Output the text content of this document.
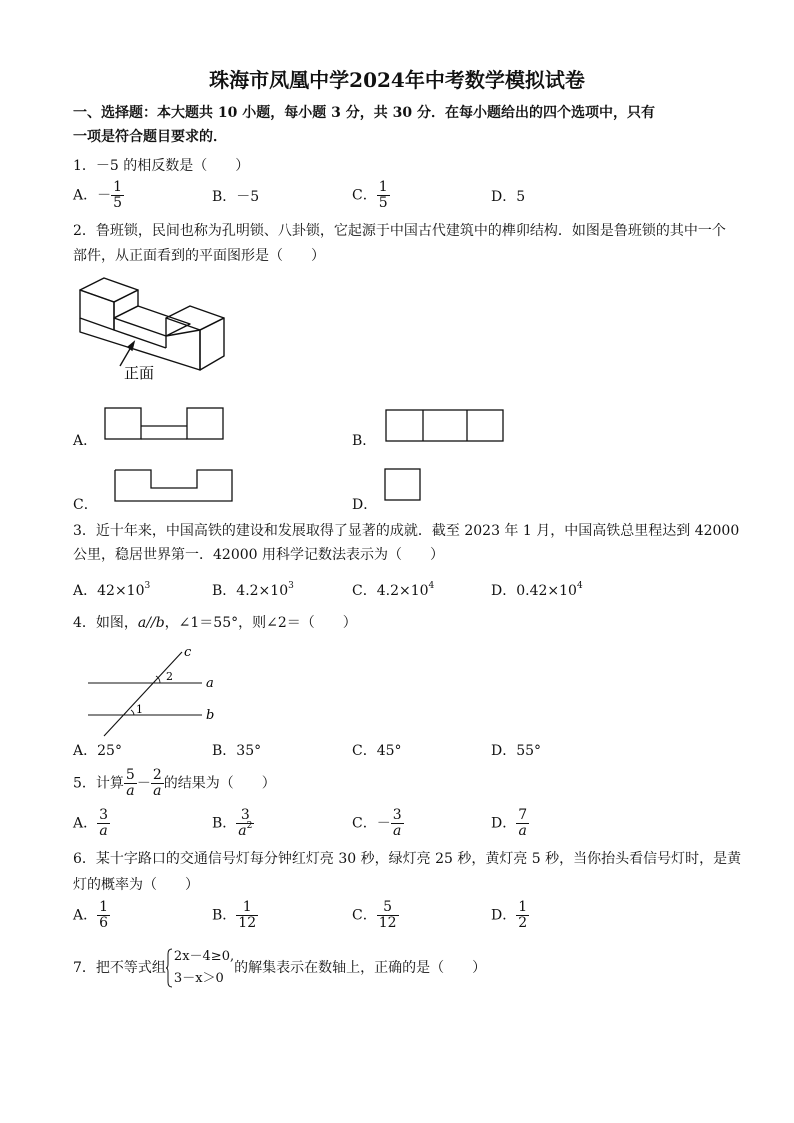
珠海市凤凰中学2024年中考数学模拟试卷
一、选择题：本大题共 10 小题，每小题 3 分，共 30 分．在每小题给出的四个选项中，只有
一项是符合题目要求的．
1．－5 的相反数是（　　）
A．－ $\frac{1}{5}$	B．－5	C． $\frac{1}{5}$	D．5
2．鲁班锁，民间也称为孔明锁、八卦锁，它起源于中国古代建筑中的榫卯结构．如图是鲁班锁的其中一个
部件，从正面看到的平面图形是（　　）
正面
A．	B．
C．	D．
3．近十年来，中国高铁的建设和发展取得了显著的成就．截至 2023 年 1 月，中国高铁总里程达到 42000
公里，稳居世界第一．42000 用科学记数法表示为（　　）
A．$42\times 10^3$	B．$4.2\times 10^3$	C．$4.2\times 10^4$	D．$0.42\times 10^4$
4．如图，a//b，∠1＝55°，则∠2＝（　　）
c
a
b
1
2
A．25°	B．35°	C．45°	D．55°
5．计算 $\frac{5}{a} - \frac{2}{a}$ 的结果为（　　）
A． $\frac{3}{a}$	B． $\frac{3}{a^2}$	C．－ $\frac{3}{a}$	D． $\frac{7}{a}$
6．某十字路口的交通信号灯每分钟红灯亮 30 秒，绿灯亮 25 秒，黄灯亮 5 秒，当你抬头看信号灯时，是黄
灯的概率为（　　）
A． $\frac{1}{6}$	B． $\frac{1}{12}$	C． $\frac{5}{12}$	D． $\frac{1}{2}$
7．把不等式组
2x－4≥0,
3－x＞0
的解集表示在数轴上，正确的是（　　）
